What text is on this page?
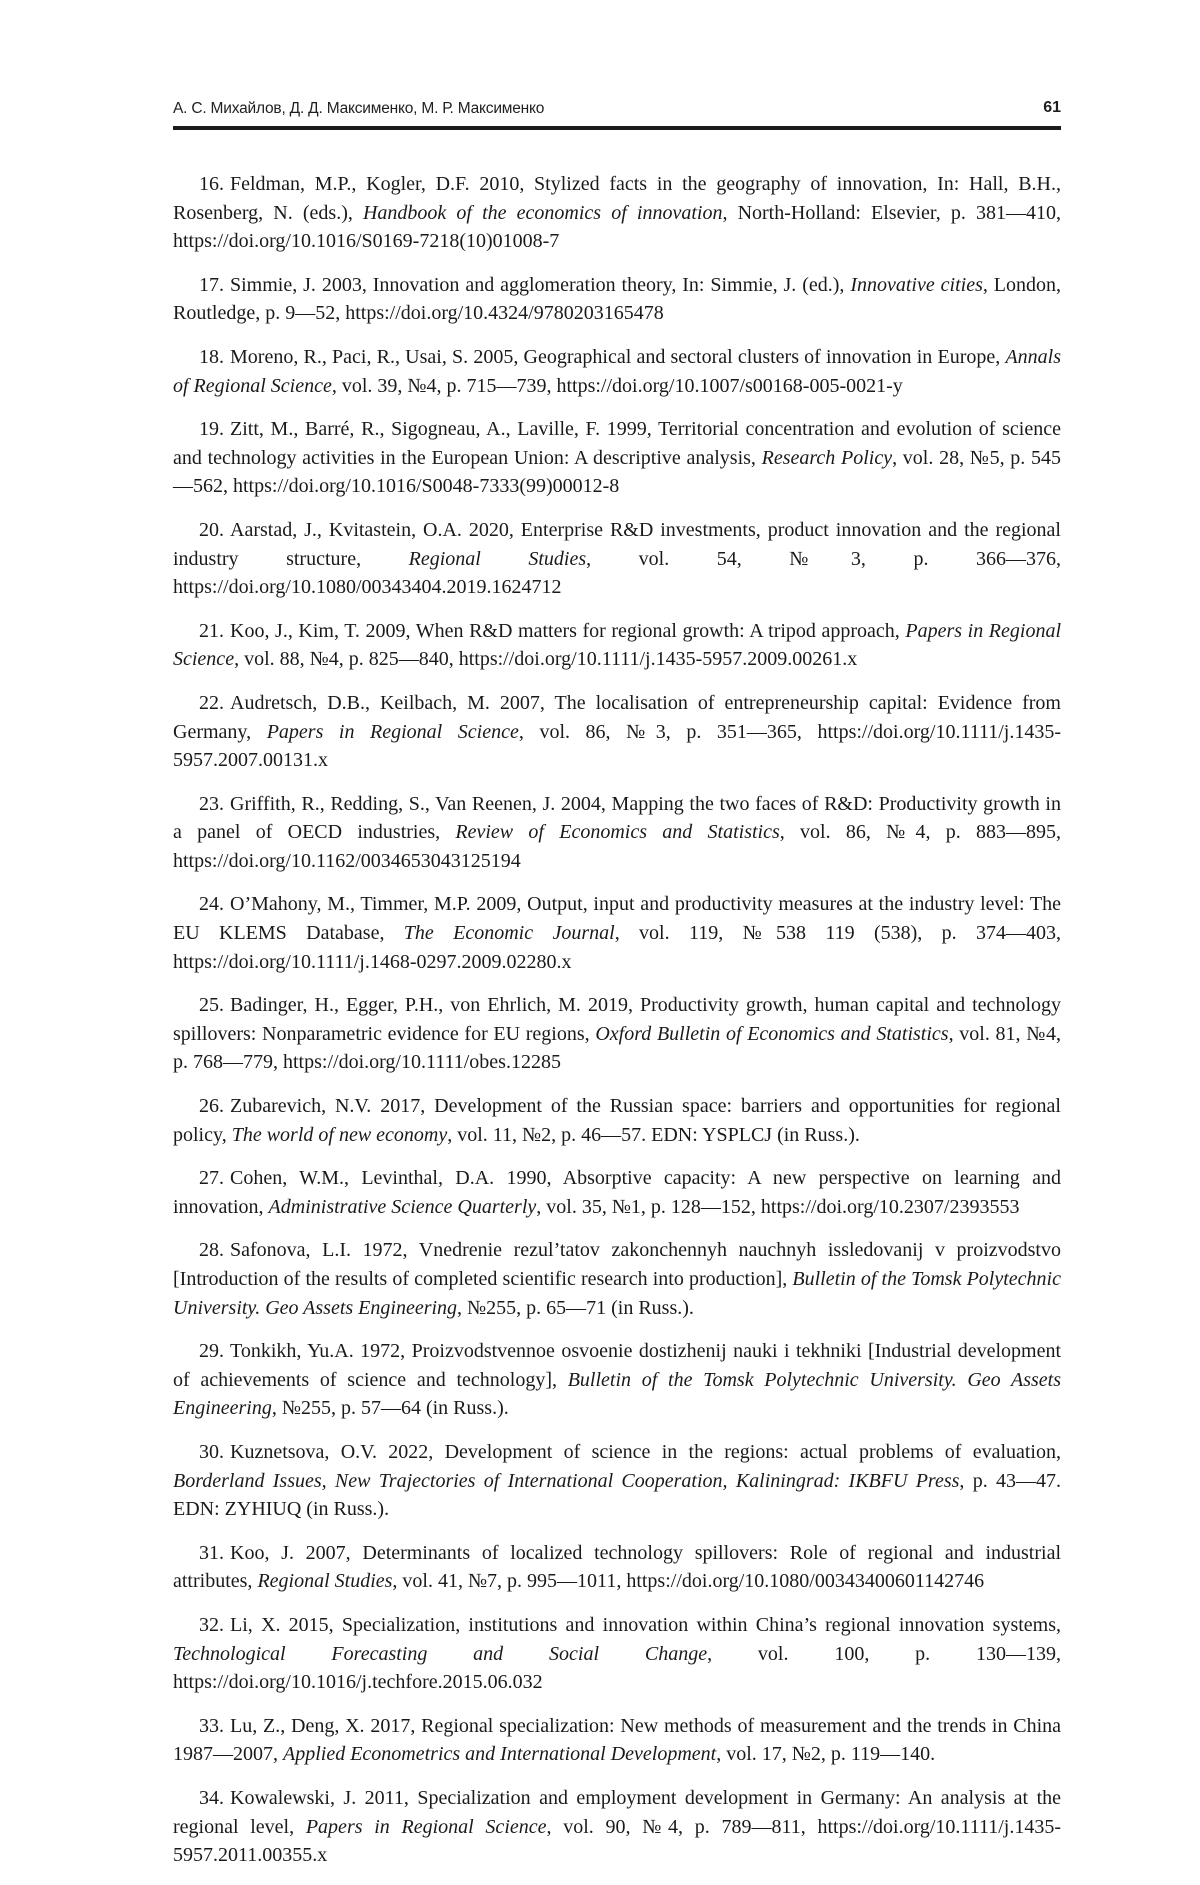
А. С. Михайлов, Д. Д. Максименко, М. Р. Максименко	61
16. Feldman, M.P., Kogler, D.F. 2010, Stylized facts in the geography of innovation, In: Hall, B.H., Rosenberg, N. (eds.), Handbook of the economics of innovation, North-Holland: Elsevier, p. 381—410, https://doi.org/10.1016/S0169-7218(10)01008-7
17. Simmie, J. 2003, Innovation and agglomeration theory, In: Simmie, J. (ed.), Innovative cities, London, Routledge, p. 9—52, https://doi.org/10.4324/9780203165478
18. Moreno, R., Paci, R., Usai, S. 2005, Geographical and sectoral clusters of innovation in Europe, Annals of Regional Science, vol. 39, №4, p. 715—739, https://doi.org/10.1007/s00168-005-0021-y
19. Zitt, M., Barré, R., Sigogneau, A., Laville, F. 1999, Territorial concentration and evolution of science and technology activities in the European Union: A descriptive analysis, Research Policy, vol. 28, №5, p. 545—562, https://doi.org/10.1016/S0048-7333(99)00012-8
20. Aarstad, J., Kvitastein, O.A. 2020, Enterprise R&D investments, product innovation and the regional industry structure, Regional Studies, vol. 54, №3, p. 366—376, https://doi.org/10.1080/00343404.2019.1624712
21. Koo, J., Kim, T. 2009, When R&D matters for regional growth: A tripod approach, Papers in Regional Science, vol. 88, №4, p. 825—840, https://doi.org/10.1111/j.1435-5957.2009.00261.x
22. Audretsch, D.B., Keilbach, M. 2007, The localisation of entrepreneurship capital: Evidence from Germany, Papers in Regional Science, vol. 86, №3, p. 351—365, https://doi.org/10.1111/j.1435-5957.2007.00131.x
23. Griffith, R., Redding, S., Van Reenen, J. 2004, Mapping the two faces of R&D: Productivity growth in a panel of OECD industries, Review of Economics and Statistics, vol. 86, №4, p. 883—895, https://doi.org/10.1162/0034653043125194
24. O’Mahony, M., Timmer, M.P. 2009, Output, input and productivity measures at the industry level: The EU KLEMS Database, The Economic Journal, vol. 119, №538 119 (538), p. 374—403, https://doi.org/10.1111/j.1468-0297.2009.02280.x
25. Badinger, H., Egger, P.H., von Ehrlich, M. 2019, Productivity growth, human capital and technology spillovers: Nonparametric evidence for EU regions, Oxford Bulletin of Economics and Statistics, vol. 81, №4, p. 768—779, https://doi.org/10.1111/obes.12285
26. Zubarevich, N.V. 2017, Development of the Russian space: barriers and opportunities for regional policy, The world of new economy, vol. 11, №2, p. 46—57. EDN: YSPLCJ (in Russ.).
27. Cohen, W.M., Levinthal, D.A. 1990, Absorptive capacity: A new perspective on learning and innovation, Administrative Science Quarterly, vol. 35, №1, p. 128—152, https://doi.org/10.2307/2393553
28. Safonova, L.I. 1972, Vnedrenie rezul’tatov zakonchennyh nauchnyh issledovanij v proizvodstvo [Introduction of the results of completed scientific research into production], Bulletin of the Tomsk Polytechnic University. Geo Assets Engineering, №255, p. 65—71 (in Russ.).
29. Tonkikh, Yu.A. 1972, Proizvodstvennoe osvoenie dostizhenij nauki i tekhniki [Industrial development of achievements of science and technology], Bulletin of the Tomsk Polytechnic University. Geo Assets Engineering, №255, p. 57—64 (in Russ.).
30. Kuznetsova, O.V. 2022, Development of science in the regions: actual problems of evaluation, Borderland Issues, New Trajectories of International Cooperation, Kaliningrad: IKBFU Press, p. 43—47. EDN: ZYHIUQ (in Russ.).
31. Koo, J. 2007, Determinants of localized technology spillovers: Role of regional and industrial attributes, Regional Studies, vol. 41, №7, p. 995—1011, https://doi.org/10.1080/00343400601142746
32. Li, X. 2015, Specialization, institutions and innovation within China’s regional innovation systems, Technological Forecasting and Social Change, vol. 100, p. 130—139, https://doi.org/10.1016/j.techfore.2015.06.032
33. Lu, Z., Deng, X. 2017, Regional specialization: New methods of measurement and the trends in China 1987—2007, Applied Econometrics and International Development, vol. 17, №2, p. 119—140.
34. Kowalewski, J. 2011, Specialization and employment development in Germany: An analysis at the regional level, Papers in Regional Science, vol. 90, №4, p. 789—811, https://doi.org/10.1111/j.1435-5957.2011.00355.x
